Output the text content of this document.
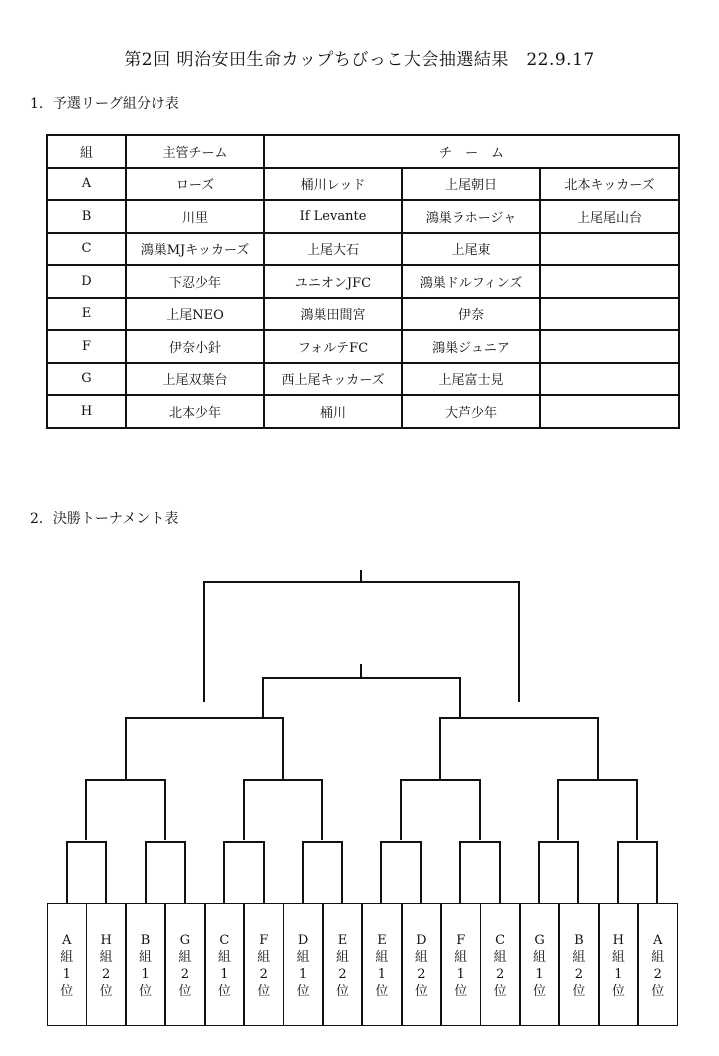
第2回 明治安田生命カップちびっこ大会抽選結果　22.9.17
1．予選リーグ組分け表
組	主管チーム	チ　ー　ム		
A	ローズ	桶川レッド	上尾朝日	北本キッカーズ
B	川里	If Levante	鴻巣ラホージャ	上尾尾山台
C	鴻巣MJキッカーズ	上尾大石	上尾東	
D	下忍少年	ユニオンJFC	鴻巣ドルフィンズ	
E	上尾NEO	鴻巣田間宮	伊奈	
F	伊奈小針	フォルテFC	鴻巣ジュニア	
G	上尾双葉台	西上尾キッカーズ	上尾富士見	
H	北本少年	桶川	大芦少年	
2．決勝トーナメント表
A組1位
H組2位
B組1位
G組2位
C組1位
F組2位
D組1位
E組2位
E組1位
D組2位
F組1位
C組2位
G組1位
B組2位
H組1位
A組2位
